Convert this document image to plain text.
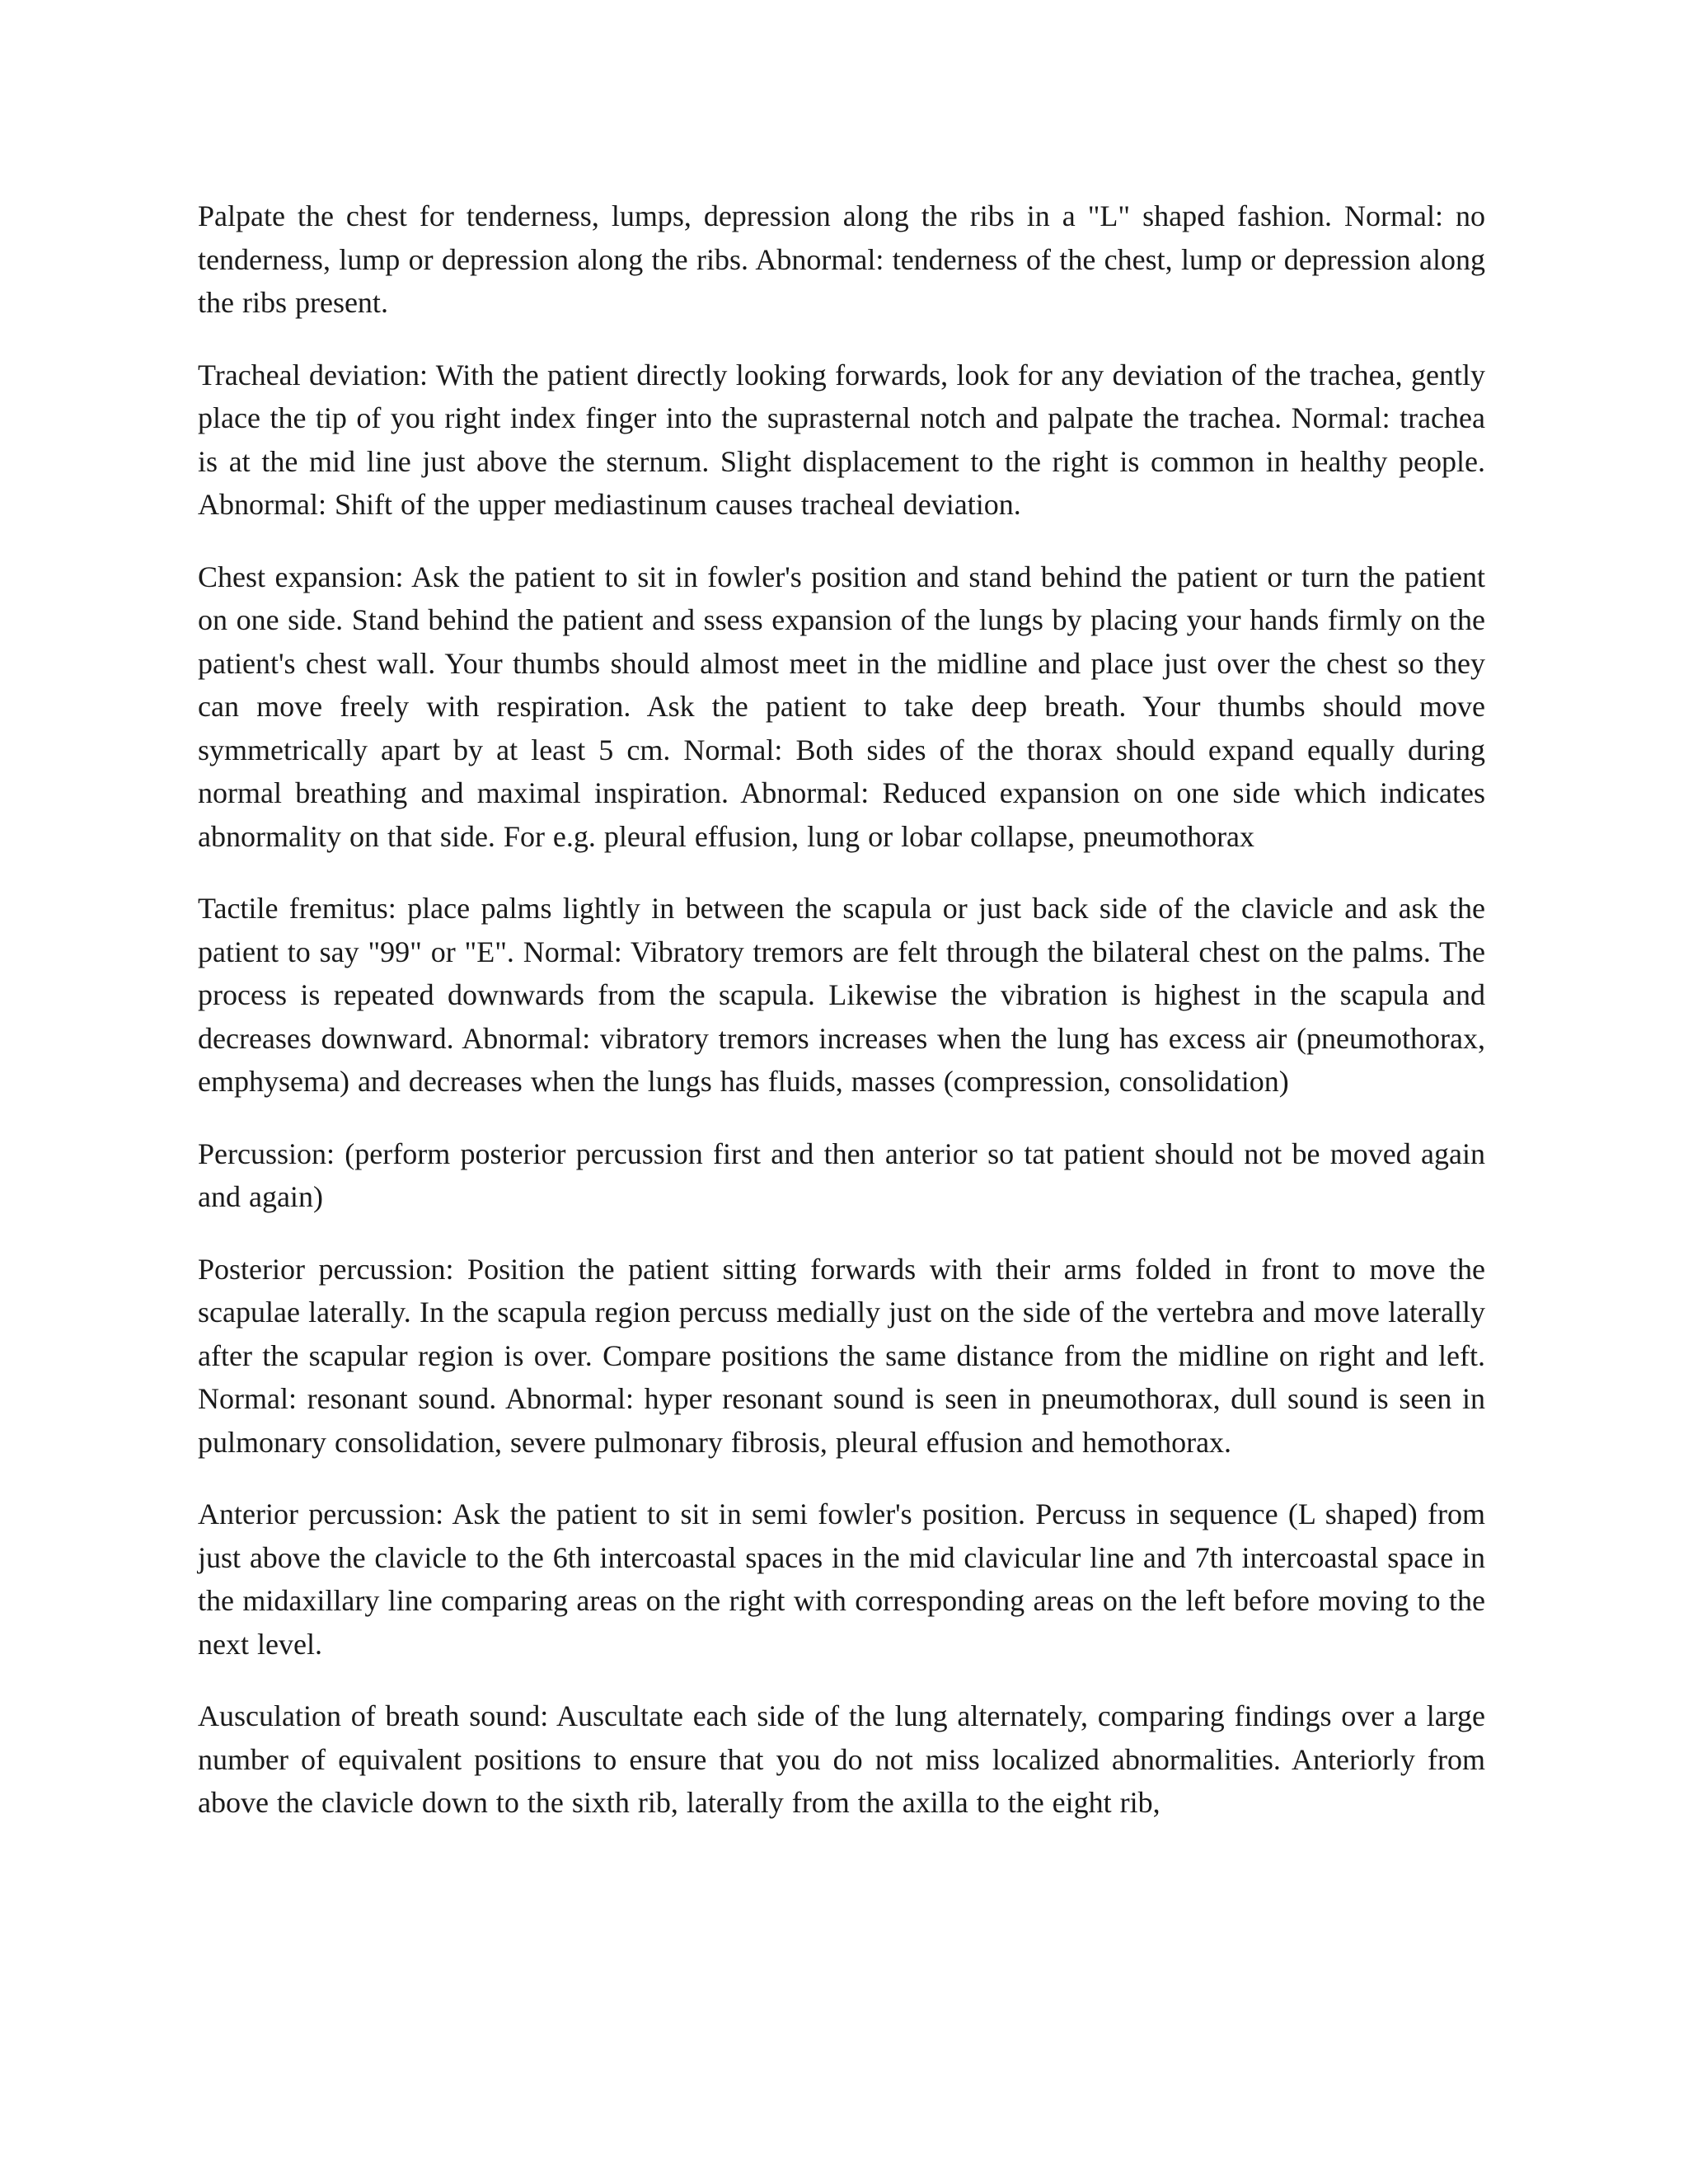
Palpate the chest for tenderness, lumps, depression along the ribs in a "L" shaped fashion. Normal: no tenderness, lump or depression along the ribs. Abnormal: tenderness of the chest, lump or depression along the ribs present.

Tracheal deviation: With the patient directly looking forwards, look for any deviation of the trachea, gently place the tip of you right index finger into the suprasternal notch and palpate the trachea. Normal: trachea is at the mid line just above the sternum. Slight displacement to the right is common in healthy people. Abnormal: Shift of the upper mediastinum causes tracheal deviation.

Chest expansion: Ask the patient to sit in fowler's position and stand behind the patient or turn the patient on one side. Stand behind the patient and ssess expansion of the lungs by placing your hands firmly on the patient's chest wall. Your thumbs should almost meet in the midline and place just over the chest so they can move freely with respiration. Ask the patient to take deep breath. Your thumbs should move symmetrically apart by at least 5 cm. Normal: Both sides of the thorax should expand equally during normal breathing and maximal inspiration. Abnormal: Reduced expansion on one side which indicates abnormality on that side. For e.g. pleural effusion, lung or lobar collapse, pneumothorax

Tactile fremitus: place palms lightly in between the scapula or just back side of the clavicle and ask the patient to say "99" or "E". Normal: Vibratory tremors are felt through the bilateral chest on the palms. The process is repeated downwards from the scapula. Likewise the vibration is highest in the scapula and decreases downward. Abnormal: vibratory tremors increases when the lung has excess air (pneumothorax, emphysema) and decreases when the lungs has fluids, masses (compression, consolidation)

Percussion: (perform posterior percussion first and then anterior so tat patient should not be moved again and again)

Posterior percussion: Position the patient sitting forwards with their arms folded in front to move the scapulae laterally. In the scapula region percuss medially just on the side of the vertebra and move laterally after the scapular region is over. Compare positions the same distance from the midline on right and left. Normal: resonant sound. Abnormal: hyper resonant sound is seen in pneumothorax, dull sound is seen in pulmonary consolidation, severe pulmonary fibrosis, pleural effusion and hemothorax.

Anterior percussion: Ask the patient to sit in semi fowler's position. Percuss in sequence (L shaped) from just above the clavicle to the 6th intercoastal spaces in the mid clavicular line and 7th intercoastal space in the midaxillary line comparing areas on the right with corresponding areas on the left before moving to the next level.

Ausculation of breath sound: Auscultate each side of the lung alternately, comparing findings over a large number of equivalent positions to ensure that you do not miss localized abnormalities. Anteriorly from above the clavicle down to the sixth rib, laterally from the axilla to the eight rib,
